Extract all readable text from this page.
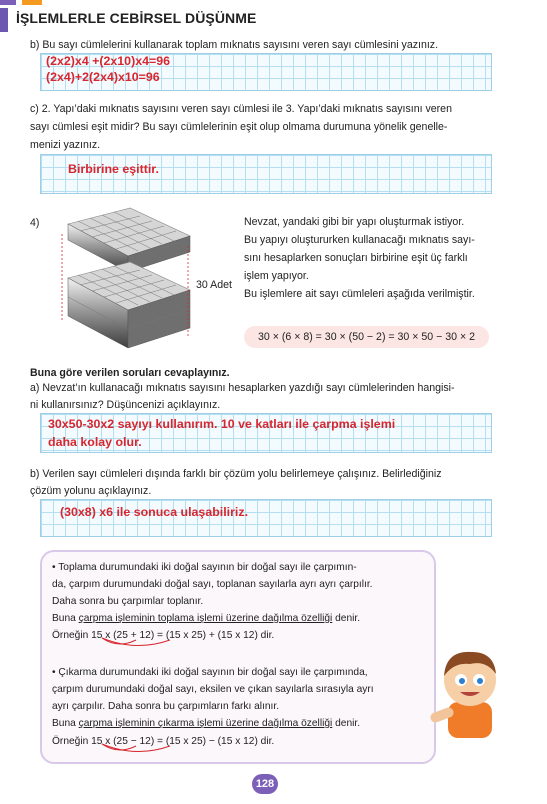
İŞLEMLERLE CEBİRSEL DÜŞÜNME
b) Bu sayı cümlelerini kullanarak toplam mıknatıs sayısını veren sayı cümlesini yazınız.
(2x2)x4 +(2x10)x4=96
(2x4)+2(2x4)x10=96
c) 2. Yapı’daki mıknatıs sayısını veren sayı cümlesi ile 3. Yapı’daki mıknatıs sayısını veren
sayı cümlesi eşit midir? Bu sayı cümlelerinin eşit olup olmama durumuna yönelik genelle-
menizi yazınız.
Birbirine eşittir.
4)
30 Adet
Nevzat, yandaki gibi bir yapı oluşturmak istiyor.
Bu yapıyı oluştururken kullanacağı mıknatıs sayı-
sını hesaplarken sonuçları birbirine eşit üç farklı
işlem yapıyor.
Bu işlemlere ait sayı cümleleri aşağıda verilmiştir.
30 × (6 × 8) = 30 × (50 − 2) = 30 × 50 − 30 × 2
Buna göre verilen soruları cevaplayınız.
a) Nevzat’ın kullanacağı mıknatıs sayısını hesaplarken yazdığı sayı cümlelerinden hangisi-
ni kullanırsınız? Düşüncenizi açıklayınız.
30x50-30x2 sayıyı kullanırım. 10 ve katları ile çarpma işlemi
daha kolay olur.
b) Verilen sayı cümleleri dışında farklı bir çözüm yolu belirlemeye çalışınız. Belirlediğiniz
çözüm yolunu açıklayınız.
(30x8) x6 ile sonuca ulaşabiliriz.
• Toplama durumundaki iki doğal sayının bir doğal sayı ile çarpımın-
da, çarpım durumundaki doğal sayı, toplanan sayılarla ayrı ayrı çarpılır.
Daha sonra bu çarpımlar toplanır.
Buna çarpma işleminin toplama işlemi üzerine dağılma özelliği denir.
Örneğin 15 x (25 + 12) = (15 x 25) + (15 x 12) dir.
• Çıkarma durumundaki iki doğal sayının bir doğal sayı ile çarpımında,
çarpım durumundaki doğal sayı, eksilen ve çıkan sayılarla sırasıyla ayrı
ayrı çarpılır. Daha sonra bu çarpımların farkı alınır.
Buna çarpma işleminin çıkarma işlemi üzerine dağılma özelliği denir.
Örneğin 15 x (25 − 12) = (15 x 25) − (15 x 12) dir.
128
